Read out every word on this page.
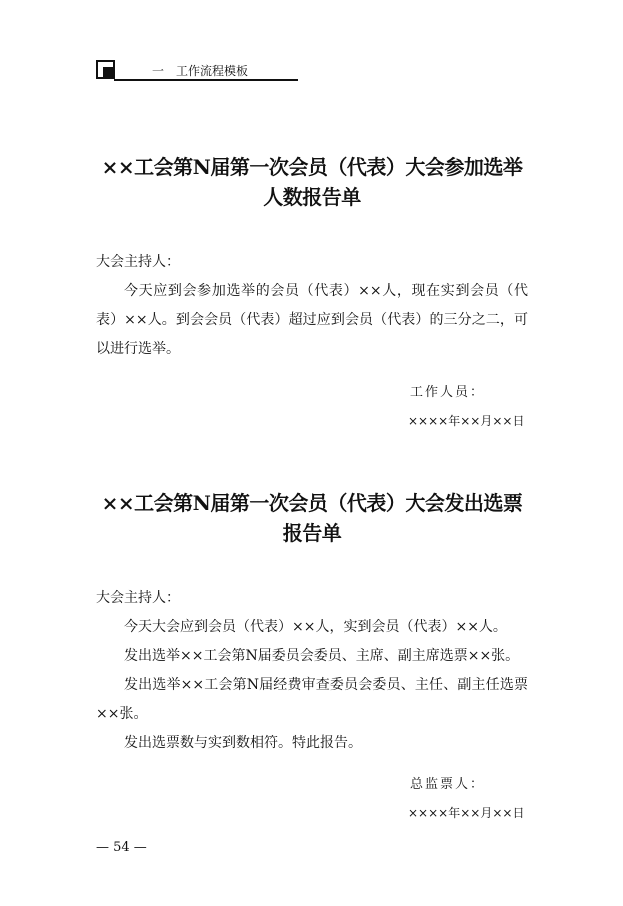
一　工作流程模板
××工会第N届第一次会员（代表）大会参加选举
人数报告单
大会主持人：

今天应到会参加选举的会员（代表）××人，现在实到会员（代表）××人。到会会员（代表）超过应到会员（代表）的三分之二，可以进行选举。

工作人员：
××××年××月××日
××工会第N届第一次会员（代表）大会发出选票
报告单
大会主持人：

今天大会应到会员（代表）××人，实到会员（代表）××人。

发出选举××工会第N届委员会委员、主席、副主席选票××张。

发出选举××工会第N届经费审查委员会委员、主任、副主任选票××张。

发出选票数与实到数相符。特此报告。

总监票人：
××××年××月××日
— 54 —
